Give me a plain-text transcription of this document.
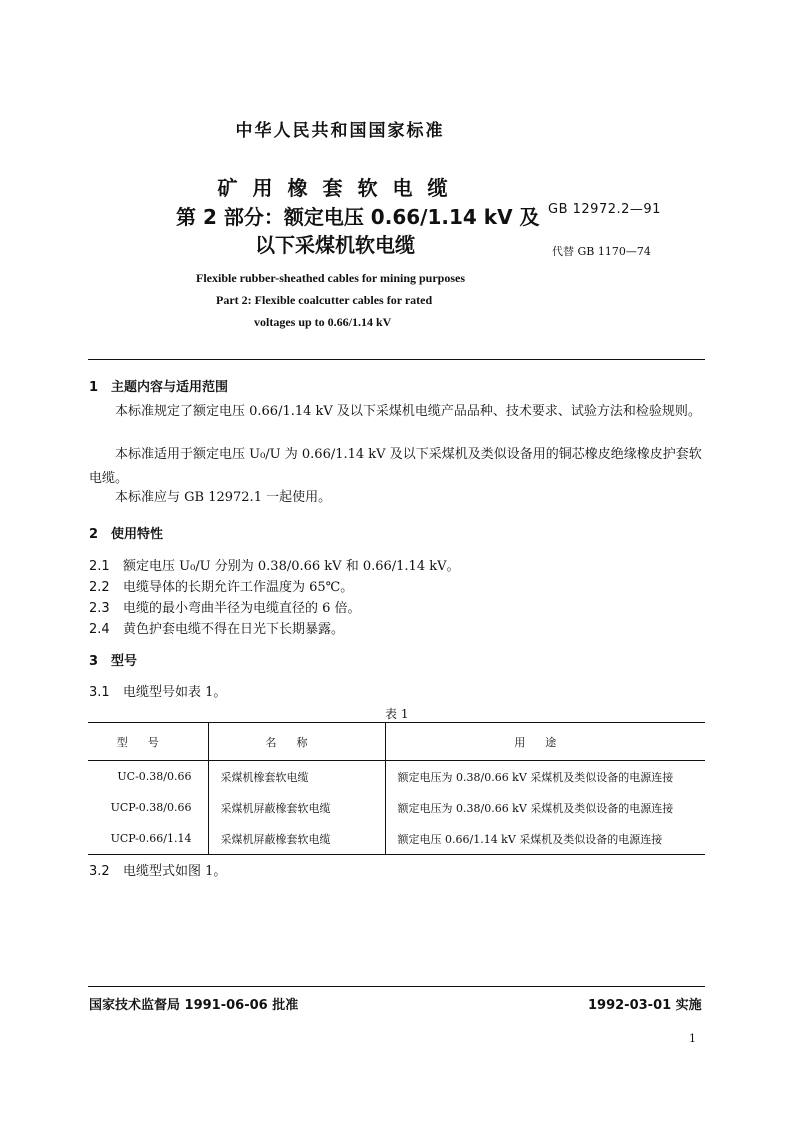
中华人民共和国国家标准
矿用橡套软电缆
第 2 部分：额定电压 0.66/1.14 kV 及
以下采煤机软电缆
GB 12972.2—91
代替 GB 1170—74
Flexible rubber-sheathed cables for mining purposes
Part 2: Flexible coalcutter cables for rated
voltages up to 0.66/1.14 kV
1 主题内容与适用范围
本标准规定了额定电压 0.66/1.14 kV 及以下采煤机电缆产品品种、技术要求、试验方法和检验规则。
本标准适用于额定电压 U₀/U 为 0.66/1.14 kV 及以下采煤机及类似设备用的铜芯橡皮绝缘橡皮护套软电缆。
本标准应与 GB 12972.1 一起使用。
2 使用特性
2.1 额定电压 U₀/U 分别为 0.38/0.66 kV 和 0.66/1.14 kV。
2.2 电缆导体的长期允许工作温度为 65℃。
2.3 电缆的最小弯曲半径为电缆直径的 6 倍。
2.4 黄色护套电缆不得在日光下长期暴露。
3 型号
3.1 电缆型号如表 1。
表 1
型号	名称	用途
UC-0.38/0.66	采煤机橡套软电缆	额定电压为 0.38/0.66 kV 采煤机及类似设备的电源连接
UCP-0.38/0.66	采煤机屏蔽橡套软电缆	额定电压为 0.38/0.66 kV 采煤机及类似设备的电源连接
UCP-0.66/1.14	采煤机屏蔽橡套软电缆	额定电压 0.66/1.14 kV 采煤机及类似设备的电源连接
3.2 电缆型式如图 1。
国家技术监督局 1991-06-06 批准	1992-03-01 实施
1
